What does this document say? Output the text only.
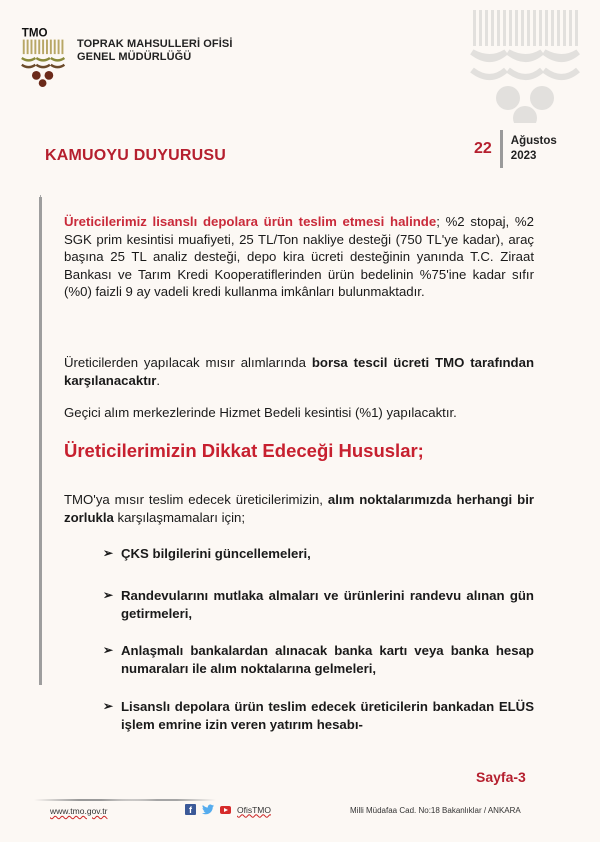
TMO
TOPRAK MAHSULLERİ OFİSİ
GENEL MÜDÜRLÜĞÜ
KAMUOYU DUYURUSU	22 Ağustos
2023
Üreticilerimiz lisanslı depolara ürün teslim etmesi halinde; %2 stopaj, %2 SGK prim kesintisi muafiyeti, 25 TL/Ton nakliye desteği (750 TL'ye kadar), araç başına 25 TL analiz desteği, depo kira ücreti desteğinin yanında T.C. Ziraat Bankası ve Tarım Kredi Kooperatiflerinden ürün bedelinin %75'ine kadar sıfır (%0) faizli 9 ay vadeli kredi kullanma imkânları bulunmaktadır.
Üreticilerden yapılacak mısır alımlarında borsa tescil ücreti TMO tarafından karşılanacaktır.
Geçici alım merkezlerinde Hizmet Bedeli kesintisi (%1) yapılacaktır.
Üreticilerimizin Dikkat Edeceği Hususlar;
TMO'ya mısır teslim edecek üreticilerimizin, alım noktalarımızda herhangi bir zorlukla karşılaşmamaları için;
➢ ÇKS bilgilerini güncellemeleri,
➢ Randevularını mutlaka almaları ve ürünlerini randevu alınan gün getirmeleri,
➢ Anlaşmalı bankalardan alınacak banka kartı veya banka hesap numaraları ile alım noktalarına gelmeleri,
➢ Lisanslı depolara ürün teslim edecek üreticilerin bankadan ELÜS işlem emrine izin veren yatırım hesabı-
Sayfa-3
www.tmo.gov.tr	f	OfisTMO	Milli Müdafaa Cad. No:18 Bakanlıklar / ANKARA
